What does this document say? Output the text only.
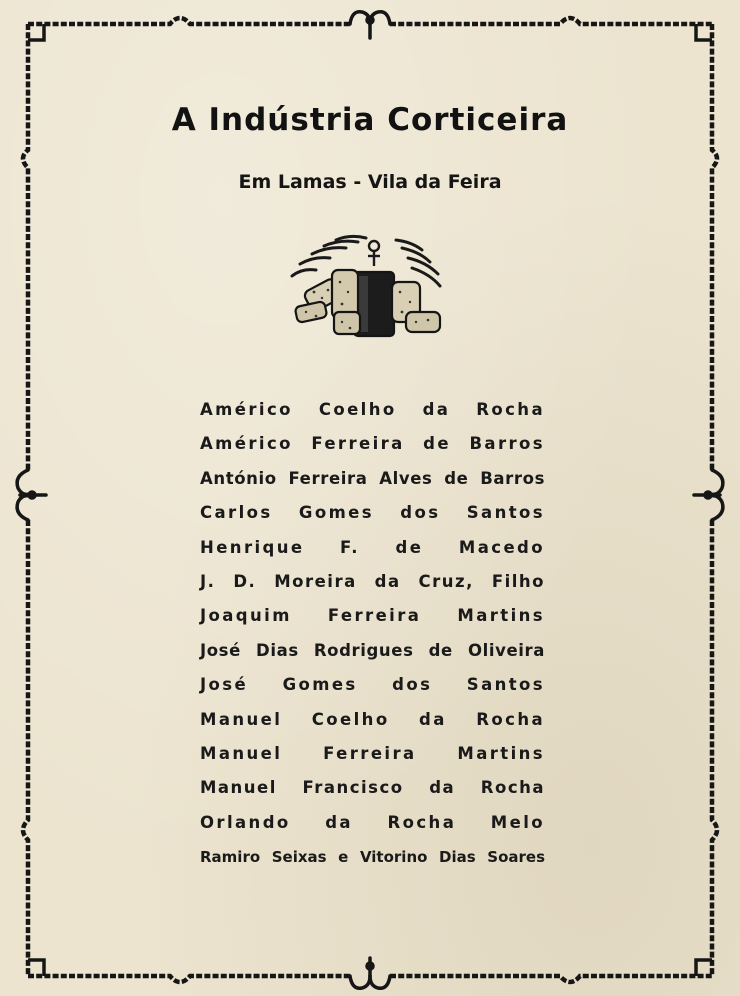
A Indústria Corticeira
Em Lamas - Vila da Feira
Américo Coelho da Rocha
Américo Ferreira de Barros
António Ferreira Alves de Barros
Carlos Gomes dos Santos
Henrique F. de Macedo
J. D. Moreira da Cruz, Filho
Joaquim Ferreira Martins
José Dias Rodrigues de Oliveira
José Gomes dos Santos
Manuel Coelho da Rocha
Manuel Ferreira Martins
Manuel Francisco da Rocha
Orlando da Rocha Melo
Ramiro Seixas e Vitorino Dias Soares
